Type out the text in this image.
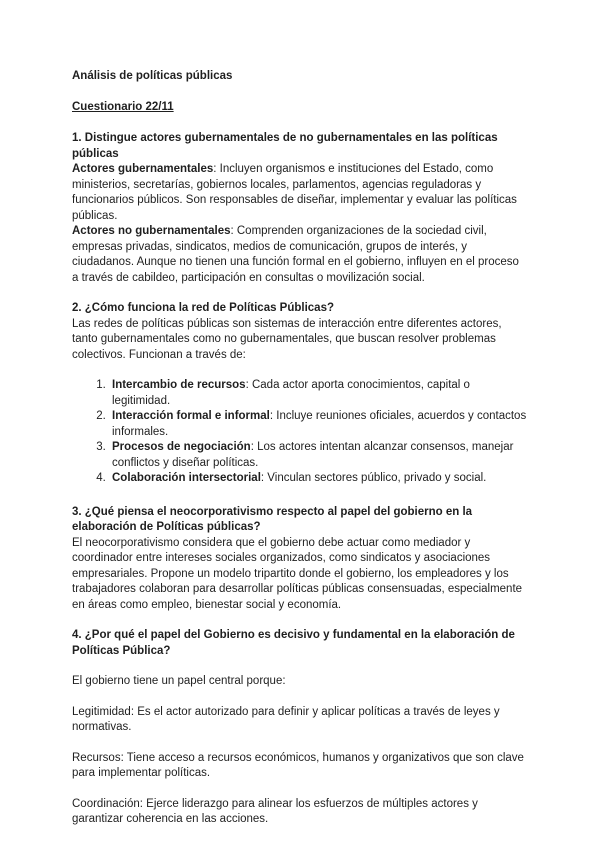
Análisis de políticas públicas

Cuestionario 22/11

1. Distingue actores gubernamentales de no gubernamentales en las políticas públicas

Actores gubernamentales: Incluyen organismos e instituciones del Estado, como ministerios, secretarías, gobiernos locales, parlamentos, agencias reguladoras y funcionarios públicos. Son responsables de diseñar, implementar y evaluar las políticas públicas.

Actores no gubernamentales: Comprenden organizaciones de la sociedad civil, empresas privadas, sindicatos, medios de comunicación, grupos de interés, y ciudadanos. Aunque no tienen una función formal en el gobierno, influyen en el proceso a través de cabildeo, participación en consultas o movilización social.

2. ¿Cómo funciona la red de Políticas Públicas?

Las redes de políticas públicas son sistemas de interacción entre diferentes actores, tanto gubernamentales como no gubernamentales, que buscan resolver problemas colectivos. Funcionan a través de:

1. Intercambio de recursos: Cada actor aporta conocimientos, capital o legitimidad.
2. Interacción formal e informal: Incluye reuniones oficiales, acuerdos y contactos informales.
3. Procesos de negociación: Los actores intentan alcanzar consensos, manejar conflictos y diseñar políticas.
4. Colaboración intersectorial: Vinculan sectores público, privado y social.

3. ¿Qué piensa el neocorporativismo respecto al papel del gobierno en la elaboración de Políticas públicas?

El neocorporativismo considera que el gobierno debe actuar como mediador y coordinador entre intereses sociales organizados, como sindicatos y asociaciones empresariales. Propone un modelo tripartito donde el gobierno, los empleadores y los trabajadores colaboran para desarrollar políticas públicas consensuadas, especialmente en áreas como empleo, bienestar social y economía.

4. ¿Por qué el papel del Gobierno es decisivo y fundamental en la elaboración de Políticas Pública?

El gobierno tiene un papel central porque:

Legitimidad: Es el actor autorizado para definir y aplicar políticas a través de leyes y normativas.

Recursos: Tiene acceso a recursos económicos, humanos y organizativos que son clave para implementar políticas.

Coordinación: Ejerce liderazgo para alinear los esfuerzos de múltiples actores y garantizar coherencia en las acciones.
